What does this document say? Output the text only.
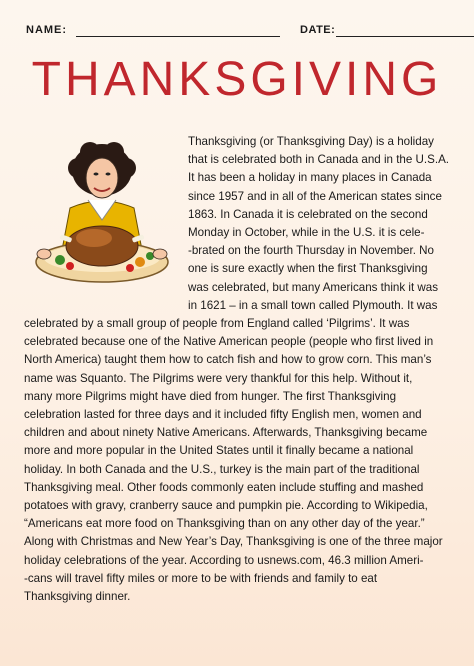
NAME:	DATE:
THANKSGIVING
Thanksgiving (or Thanksgiving Day) is a holiday
that is celebrated both in Canada and in the U.S.A.
It has been a holiday in many places in Canada
since 1957 and in all of the American states since
1863. In Canada it is celebrated on the second
Monday in October, while in the U.S. it is cele-
-brated on the fourth Thursday in November. No
one is sure exactly when the first Thanksgiving
was celebrated, but many Americans think it was
in 1621 – in a small town called Plymouth. It was
celebrated by a small group of people from England called ‘Pilgrims’. It was
celebrated because one of the Native American people (people who first lived in
North America) taught them how to catch fish and how to grow corn. This man’s
name was Squanto. The Pilgrims were very thankful for this help. Without it,
many more Pilgrims might have died from hunger. The first Thanksgiving
celebration lasted for three days and it included fifty English men, women and
children and about ninety Native Americans. Afterwards, Thanksgiving became
more and more popular in the United States until it finally became a national
holiday. In both Canada and the U.S., turkey is the main part of the traditional
Thanksgiving meal. Other foods commonly eaten include stuffing and mashed
potatoes with gravy, cranberry sauce and pumpkin pie. According to Wikipedia,
“Americans eat more food on Thanksgiving than on any other day of the year.”
Along with Christmas and New Year’s Day, Thanksgiving is one of the three major
holiday celebrations of the year. According to usnews.com, 46.3 million Ameri-
-cans will travel fifty miles or more to be with friends and family to eat
Thanksgiving dinner.
